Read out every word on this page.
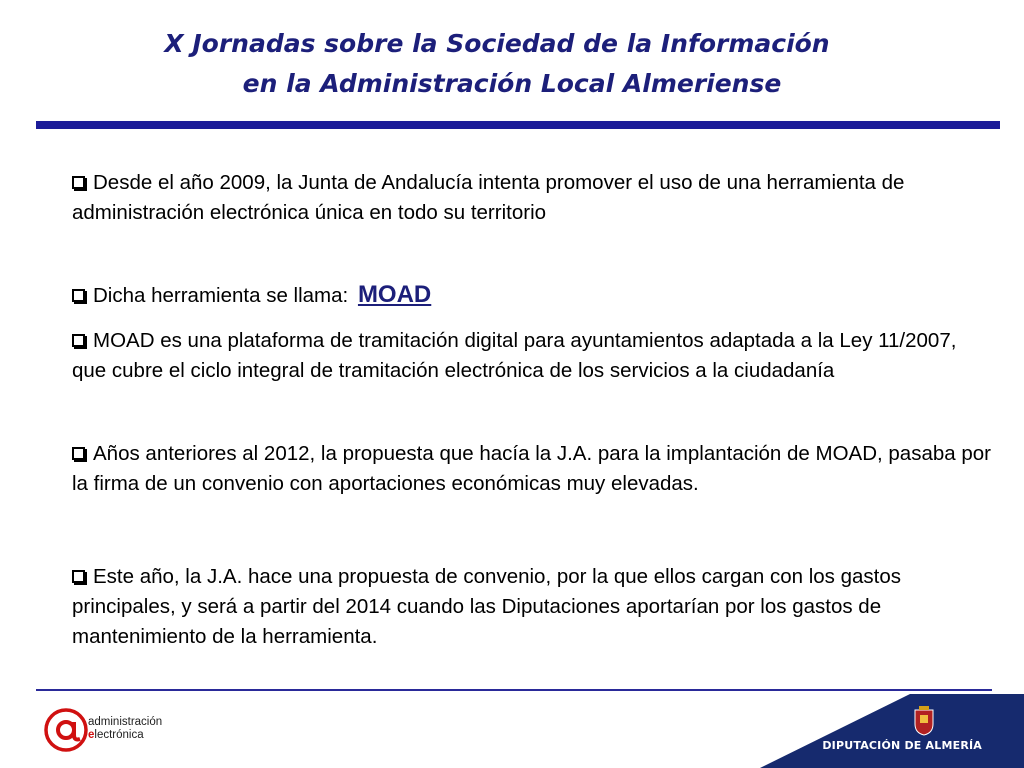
X Jornadas sobre la Sociedad de la Información
en la Administración Local Almeriense

Desde el año 2009, la Junta de Andalucía intenta promover el uso de una herramienta de administración electrónica única en todo su territorio

Dicha herramienta se llama: MOAD

MOAD es una plataforma de tramitación digital para ayuntamientos adaptada a la Ley 11/2007, que cubre el ciclo integral de tramitación electrónica de los servicios a la ciudadanía

Años anteriores al 2012, la propuesta que hacía la J.A. para la implantación de MOAD, pasaba por la firma de un convenio con aportaciones económicas muy elevadas.

Este año, la J.A. hace una propuesta de convenio, por la que ellos cargan con los gastos principales, y será a partir del 2014 cuando las Diputaciones aportarían por los gastos de mantenimiento de la herramienta.

administración
electrónica
DIPUTACIÓN DE ALMERÍA
